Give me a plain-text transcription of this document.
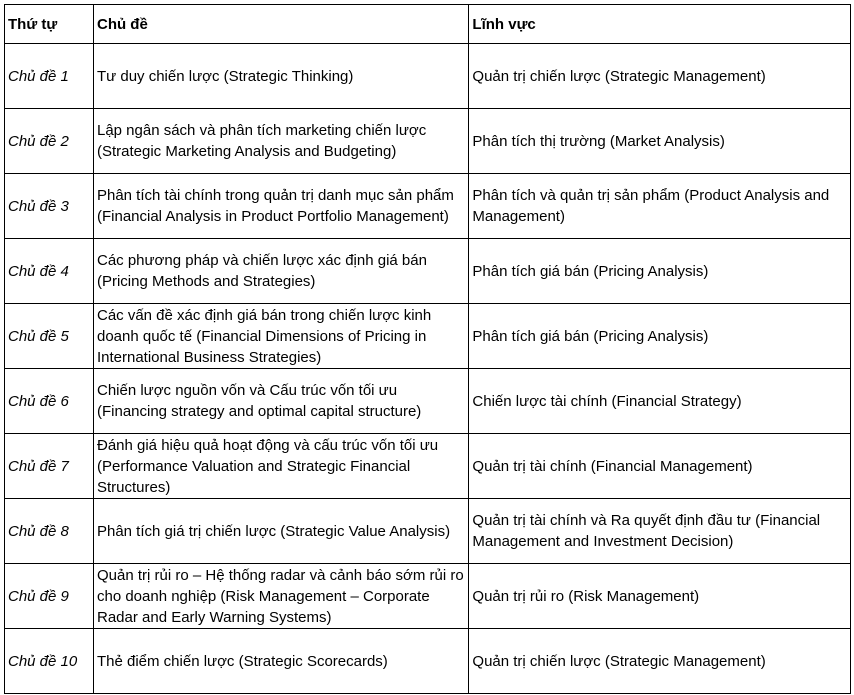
Thứ tự	Chủ đề	Lĩnh vực
Chủ đề 1	Tư duy chiến lược (Strategic Thinking)	Quản trị chiến lược (Strategic Management)
Chủ đề 2	Lập ngân sách và phân tích marketing chiến lược (Strategic Marketing Analysis and Budgeting)	Phân tích thị trường (Market Analysis)
Chủ đề 3	Phân tích tài chính trong quản trị danh mục sản phẩm (Financial Analysis in Product Portfolio Management)	Phân tích và quản trị sản phẩm (Product Analysis and Management)
Chủ đề 4	Các phương pháp và chiến lược xác định giá bán (Pricing Methods and Strategies)	Phân tích giá bán (Pricing Analysis)
Chủ đề 5	Các vấn đề xác định giá bán trong chiến lược kinh doanh quốc tế (Financial Dimensions of Pricing in International Business Strategies)	Phân tích giá bán (Pricing Analysis)
Chủ đề 6	Chiến lược nguồn vốn và Cấu trúc vốn tối ưu (Financing strategy and optimal capital structure)	Chiến lược tài chính (Financial Strategy)
Chủ đề 7	Đánh giá hiệu quả hoạt động và cấu trúc vốn tối ưu (Performance Valuation and Strategic Financial Structures)	Quản trị tài chính (Financial Management)
Chủ đề 8	Phân tích giá trị chiến lược (Strategic Value Analysis)	Quản trị tài chính và Ra quyết định đầu tư (Financial Management and Investment Decision)
Chủ đề 9	Quản trị rủi ro – Hệ thống radar và cảnh báo sớm rủi ro cho doanh nghiệp (Risk Management – Corporate Radar and Early Warning Systems)	Quản trị rủi ro (Risk Management)
Chủ đề 10	Thẻ điểm chiến lược (Strategic Scorecards)	Quản trị chiến lược (Strategic Management)
